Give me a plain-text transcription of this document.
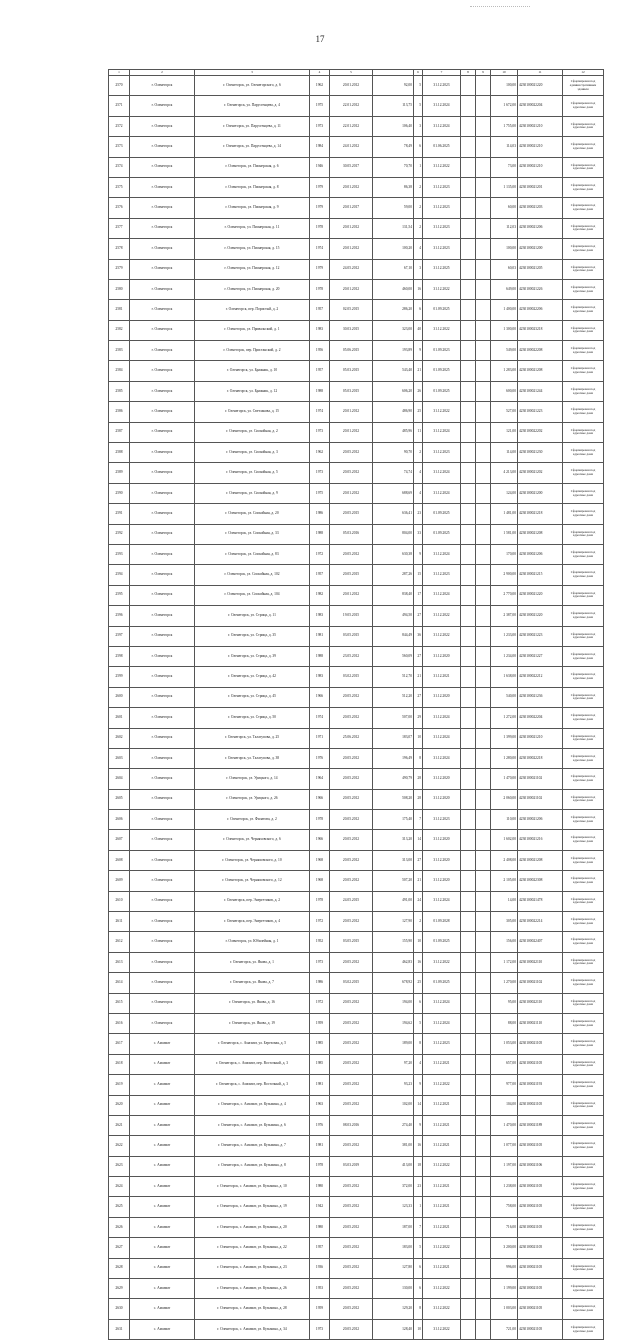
17
1	2	3	4	5		6	7	8	9	10	11	12
2570	г. Оленегорск	г. Оленегорск, ул. Оленегорского, д. 6	1962	20.01.2012	92,00	5	31.12.2023			100,00	4230100021220	Сформирован под административным зданием
2571	г. Оленегорск	г. Оленегорск, ул. Парусгенцева, д. 4	1975	22.01.2012	113,75	5	31.12.2024			1 672,00	4230100022204	Сформирован под адресные дома
2572	г. Оленегорск	г. Оленегорск, ул. Парусгенцева, д. 11	1973	22.01.2012	106,40	3	31.12.2024			1 755,00	4230100021210	Сформирован под адресные дома
2573	г. Оленегорск	г. Оленегорск, ул. Парусгенцева, д. 14	1984	24.01.2012	78,49	6	01.06.2025			114,03	4230100021210	Сформирован под адресные дома
2574	г. Оленегорск	г. Оленегорск, ул. Пионерская, д. 6	1946	30.05.2017	70,70	1	31.12.2022			73,00	4230100021210	Сформирован под адресные дома
2575	г. Оленегорск	г. Оленегорск, ул. Пионерская, д. 8	1979	20.01.2012	86,38	2	31.12.2023			1 135,00	4230100021201	Сформирован под адресные дома
2576	г. Оленегорск	г. Оленегорск, ул. Пионерская, д. 9	1979	20.01.2017	59,00	2	31.12.2023			60,00	4230100021203	Сформирован под адресные дома
2577	г. Оленегорск	г. Оленегорск, ул. Пионерская, д. 11	1978	20.01.2012	131,54	2	31.12.2023			112,03	4230100021206	Сформирован под адресные дома
2578	г. Оленегорск	г. Оленегорск, ул. Пионерская, д. 15	1974	20.01.2012	100,20	4	31.12.2023			100,00	4230100021200	Сформирован под адресные дома
2579	г. Оленегорск	г. Оленегорск, ул. Пионерская, д. 12	1979	24.05.2012	67,10	3	31.12.2025			60,03	4230100021205	Сформирован под адресные дома
2580	г. Оленегорск	г. Оленегорск, ул. Пионерская, д. 20	1978	20.01.2012	460,00	16	31.12.2022			649,00	4230100021226	Сформирован под адресные дома
2581	г. Оленегорск	г. Оленегорск, пер. Пористый, д. 2	1957	02.05.2015	286,20	6	01.09.2025			1 400,00	4230100022206	Сформирован под адресные дома
2582	г. Оленегорск	г. Оленегорск, ул. Привальский, д. 1	1983	30.03.2015	323,00	40	31.12.2022			1 300,00	4230100023218	Сформирован под адресные дома
2583	г. Оленегорск	г. Оленегорск, пер. Пристанский, д. 2	1956	05.06.2015	193,89	9	01.09.2023			549,00	4230100022208	Сформирован под адресные дома
2584	г. Оленегорск	г. Оленегорск, ул. Бражник, д. 10	1957	05.03.2015	543,40	21	01.09.2025			1 283,00	4230100021208	Сформирован под адресные дома
2585	г. Оленегорск	г. Оленегорск, ул. Бражник, д. 12	1988	05.03.2015	606,20	26	01.09.2025			600,00	4230100021244	Сформирован под адресные дома
2586	г. Оленегорск	г. Оленегорск, ул. Светлакова, д. 15	1974	20.01.2012	486,90	25	31.12.2022			527,00	4230100021223	Сформирован под адресные дома
2587	г. Оленегорск	г. Оленегорск, ул. Спокойная, д. 2	1973	20.01.2012	485,96	11	31.12.2024			121,00	4230100022202	Сформирован под адресные дома
2588	г. Оленегорск	г. Оленегорск, ул. Спокойная, д. 3	1962	20.05.2012	90,70	2	31.12.2023			114,00	4230100021230	Сформирован под адресные дома
2589	г. Оленегорск	г. Оленегорск, ул. Спокойная, д. 5	1973	20.05.2012	74,74	4	31.12.2024			4 213,00	4230100021202	Сформирован под адресные дома
2590	г. Оленегорск	г. Оленегорск, ул. Спокойная, д. 9	1975	20.01.2012	688,69	4	31.12.2024			124,00	4230100021200	Сформирован под адресные дома
2591	г. Оленегорск	г. Оленегорск, ул. Спокойная, д. 20	1986	20.05.2015	636,41	23	01.09.2025			1 481,00	4230100021218	Сформирован под адресные дома
2592	г. Оленегорск	г. Оленегорск, ул. Спокойная, д. 33	1988	05.03.2016	804,00	33	01.09.2025			1 581,00	4230100021208	Сформирован под адресные дома
2593	г. Оленегорск	г. Оленегорск, ул. Спокойная, д. 83	1972	20.05.2012	630,38	9	31.12.2024			170,00	4230100021206	Сформирован под адресные дома
2594	г. Оленегорск	г. Оленегорск, ул. Спокойная, д. 102	1957	20.05.2015	287,26	15	31.12.2023			2 900,00	4230100021215	Сформирован под адресные дома
2595	г. Оленегорск	г. Оленегорск, ул. Спокойная, д. 104	1982	20.01.2012	838,40	17	31.12.2024			2 770,00	4230100021220	Сформирован под адресные дома
2596	г. Оленегорск	г. Оленегорск, ул. Стрица, д. 11	1983	19.05.2015	494,50	27	31.12.2022			2 387,00	4230100021220	Сформирован под адресные дома
2597	г. Оленегорск	г. Оленегорск, ул. Стрица, д. 35	1981	03.05.2015	844,49	36	31.12.2022			1 233,00	4230100021223	Сформирован под адресные дома
2598	г. Оленегорск	г. Оленегорск, ул. Стрица, д. 39	1988	23.05.2012	560,09	27	31.12.2020			1 234,00	4230100021227	Сформирован под адресные дома
2599	г. Оленегорск	г. Оленегорск, ул. Стрица, д. 42	1983	03.02.2015	512,70	21	31.12.2021			1 638,00	4230100022212	Сформирован под адресные дома
2600	г. Оленегорск	г. Оленегорск, ул. Стрица, д. 45	1966	20.05.2012	512,20	27	31.12.2020			540,00	4230100021236	Сформирован под адресные дома
2601	г. Оленегорск	г. Оленегорск, ул. Стрица, д. 50	1974	20.05.2012	507,00	29	31.12.2024			1 272,00	4230100022204	Сформирован под адресные дома
2602	г. Оленегорск	г. Оленегорск, ул. Талагупова, д. 25	1971	25.06.2012	183,07	10	31.12.2024			1 399,00	4230100021210	Сформирован под адресные дома
2603	г. Оленегорск	г. Оленегорск, ул. Талагупова, д. 38	1976	20.05.2012	196,49	8	31.12.2024			1 280,00	4230100022218	Сформирован под адресные дома
2604	г. Оленегорск	г. Оленегорск, ул. Урицкого, д. 14	1964	20.05.2012	490,79	28	31.12.2020			1 470,00	4230100021102	Сформирован под адресные дома
2605	г. Оленегорск	г. Оленегорск, ул. Урицкого, д. 26	1966	20.05.2012	508,20	28	31.12.2020			2 060,00	4230100021102	Сформирован под адресные дома
2606	г. Оленегорск	г. Оленегорск, ул. Филатова, д. 2	1978	20.05.2012	175,40	7	31.12.2023			110,00	4230100021206	Сформирован под адресные дома
2607	г. Оленегорск	г. Оленегорск, ул. Черняховского, д. 6	1966	20.05.2012	313,20	14	31.12.2020			1 602,00	4230100021216	Сформирован под адресные дома
2608	г. Оленегорск	г. Оленегорск, ул. Черняховского, д. 10	1968	20.05.2012	313,00	27	31.12.2020			2 408,00	4230100021208	Сформирован под адресные дома
2609	г. Оленегорск	г. Оленегорск, ул. Черняховского, д. 12	1968	20.05.2012	507,20	21	31.12.2020			2 105,00	4230100022308	Сформирован под адресные дома
2610	г. Оленегорск	г. Оленегорск, пер. Энергетиков, д. 2	1978	24.05.2015	491,00	24	31.12.2024			14,00	4230100021478	Сформирован под адресные дома
2611	г. Оленегорск	г. Оленегорск, пер. Энергетиков, д. 4	1972	20.05.2012	127,90	2	01.09.2028			305,00	4230100022214	Сформирован под адресные дома
2612	г. Оленегорск	г. Оленегорск, ул. Юбилейная, д. 1	1952	03.05.2015	155,90	10	01.09.2025			156,00	4230100022407	Сформирован под адресные дома
2613	г. Оленегорск	г. Оленегорск, ул. Якова, д. 1	1973	20.05.2012	462,83	16	31.12.2022			1 172,00	4230100022110	Сформирован под адресные дома
2614	г. Оленегорск	г. Оленегорск, ул. Якова, д. 7	1986	03.02.2015	678,92	25	01.09.2025			1 270,00	4230100021102	Сформирован под адресные дома
2615	г. Оленегорск	г. Оленегорск, ул. Якова, д. 16	1972	20.05.2012	194,00	6	31.12.2024			95,00	4230100022110	Сформирован под адресные дома
2616	г. Оленегорск	г. Оленегорск, ул. Якова, д. 19	1959	20.05.2012	194,62	5	31.12.2024			88,00	4230100021110	Сформирован под адресные дома
2617	с. Амазмат	г. Оленегорск, с. Амазмат, ул. Березовая, д. 5	1985	20.05.2012	189,00	8	31.12.2023			1 053,00	4230100021105	Сформирован под адресные дома
2618	с. Амазмат	г. Оленегорск, с. Амазмат, пер. Восточный, д. 3	1985	20.05.2012	97,20	4	31.12.2021			657,00	4230100021105	Сформирован под адресные дома
2619	с. Амазмат	г. Оленегорск, с. Амазмат, пер. Восточный, д. 3	1981	20.05.2012	93,23	9	31.12.2022			977,00	4230100021193	Сформирован под адресные дома
2620	с. Амазмат	г. Оленегорск, с. Амазмат, ул. Кузьмина, д. 4	1963	20.05.2012	102,00	14	31.12.2021			104,00	4230100021105	Сформирован под адресные дома
2621	с. Амазмат	г. Оленегорск, с. Амазмат, ул. Кузьмина, д. 6	1976	08.03.2016	274,40	9	31.12.2021			1 470,00	4230100021189	Сформирован под адресные дома
2622	с. Амазмат	г. Оленегорск, с. Амазмат, ул. Кузьмина, д. 7	1981	20.05.2012	381,00	16	31.12.2021			1 077,00	4230100021105	Сформирован под адресные дома
2623	с. Амазмат	г. Оленегорск, с. Амазмат, ул. Кузьмина, д. 8	1978	03.03.2019	413,00	18	31.12.2022			1 197,00	4230100021106	Сформирован под адресные дома
2624	с. Амазмат	г. Оленегорск, с. Амазмат, ул. Кузьмина, д. 10	1980	20.05.2012	372,00	23	31.12.2021			1 238,00	4230100021105	Сформирован под адресные дома
2625	с. Амазмат	г. Оленегорск, с. Амазмат, ул. Кузьмина, д. 19	1942	20.05.2012	123,33	1	31.12.2021			758,00	4230100021105	Сформирован под адресные дома
2626	с. Амазмат	г. Оленегорск, с. Амазмат, ул. Кузьмина, д. 20	1980	20.05.2012	187,00	7	31.12.2021			716,00	4230100021105	Сформирован под адресные дома
2627	с. Амазмат	г. Оленегорск, с. Амазмат, ул. Кузьмина, д. 22	1957	20.05.2012	183,00	5	31.12.2022			3 200,00	4230100021105	Сформирован под адресные дома
2628	с. Амазмат	г. Оленегорск, с. Амазмат, ул. Кузьмина, д. 23	1936	20.05.2012	127,80	6	31.12.2021			996,00	4230100021105	Сформирован под адресные дома
2629	с. Амазмат	г. Оленегорск, с. Амазмат, ул. Кузьмина, д. 26	1953	20.05.2012	130,00	6	31.12.2022			1 199,00	4230100021105	Сформирован под адресные дома
2630	с. Амазмат	г. Оленегорск, с. Амазмат, ул. Кузьмина, д. 28	1959	20.05.2012	129,20	8	31.12.2022			1 003,00	4230100021105	Сформирован под адресные дома
2631	с. Амазмат	г. Оленегорск, с. Амазмат, ул. Кузьмина, д. 34	1973	20.05.2012	128,40	10	31.12.2022			721,00	4230100021105	Сформирован под адресные дома
